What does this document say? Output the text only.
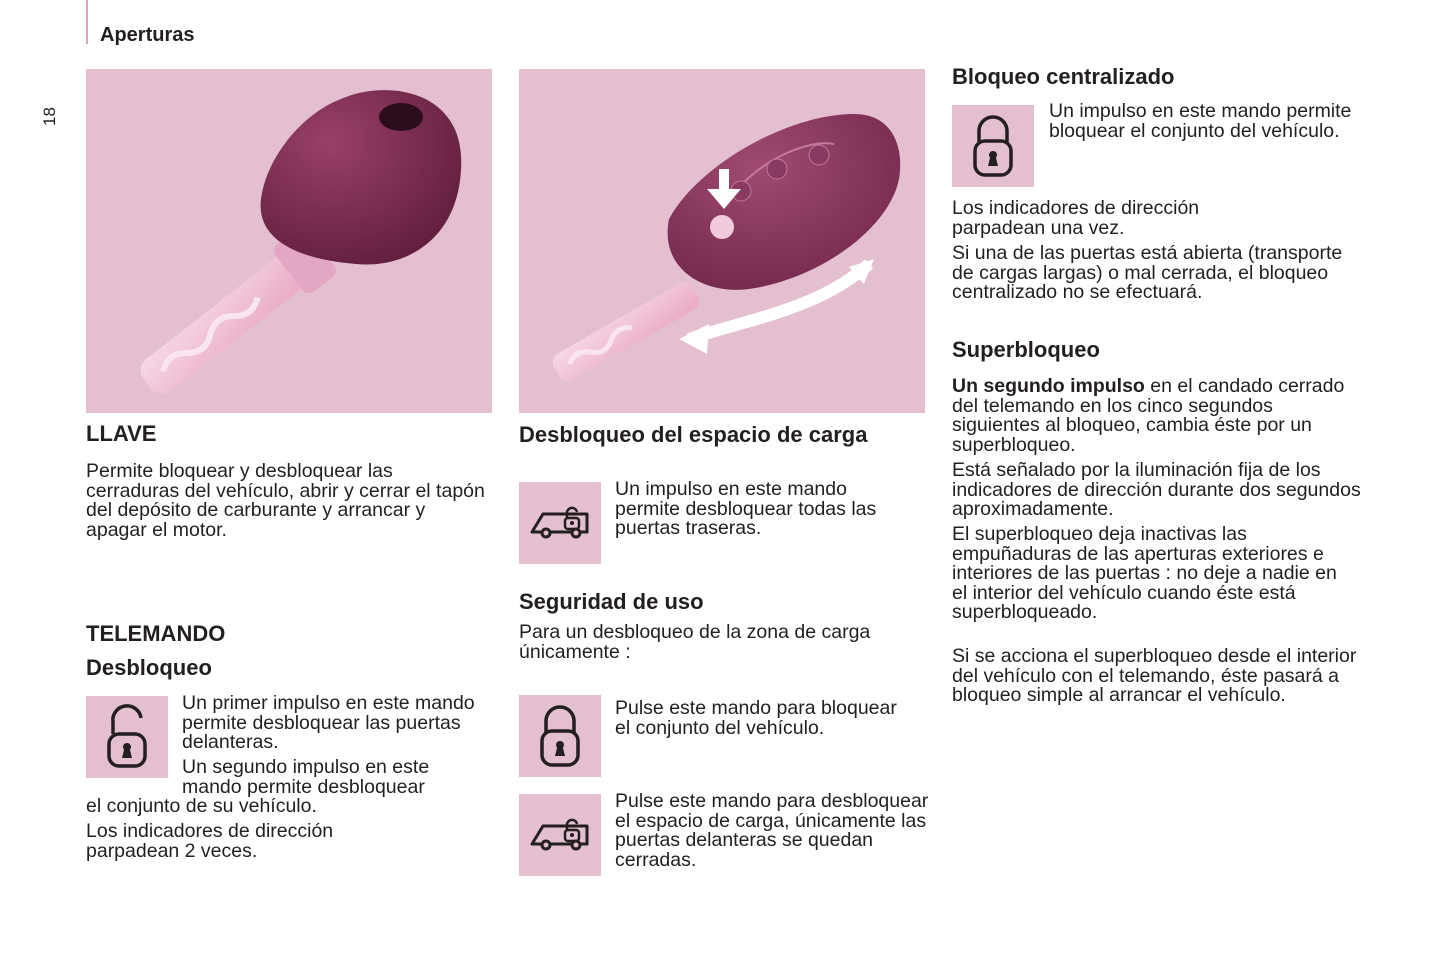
Aperturas
18
LLAVE

Permite bloquear y desbloquear las cerraduras del vehículo, abrir y cerrar el tapón del depósito de carburante y arrancar y apagar el motor.

TELEMANDO
Desbloqueo

Un primer impulso en este mando permite desbloquear las puertas delanteras.

Un segundo impulso en este mando permite desbloquear

el conjunto de su vehículo.

Los indicadores de dirección parpadean 2 veces.

Desbloqueo del espacio de carga

Un impulso en este mando permite desbloquear todas las puertas traseras.

Seguridad de uso

Para un desbloqueo de la zona de carga únicamente :

Pulse este mando para bloquear el conjunto del vehículo.

Pulse este mando para desbloquear el espacio de carga, únicamente las puertas delanteras se quedan cerradas.

Bloqueo centralizado

Un impulso en este mando permite bloquear el conjunto del vehículo.

Los indicadores de dirección parpadean una vez.

Si una de las puertas está abierta (transporte de cargas largas) o mal cerrada, el bloqueo centralizado no se efectuará.

Superbloqueo

Un segundo impulso en el candado cerrado del telemando en los cinco segundos siguientes al bloqueo, cambia éste por un superbloqueo.

Está señalado por la iluminación fija de los indicadores de dirección durante dos segundos aproximadamente.

El superbloqueo deja inactivas las empuñaduras de las aperturas exteriores e interiores de las puertas : no deje a nadie en el interior del vehículo cuando éste está superbloqueado.

Si se acciona el superbloqueo desde el interior del vehículo con el telemando, éste pasará a bloqueo simple al arrancar el vehículo.
